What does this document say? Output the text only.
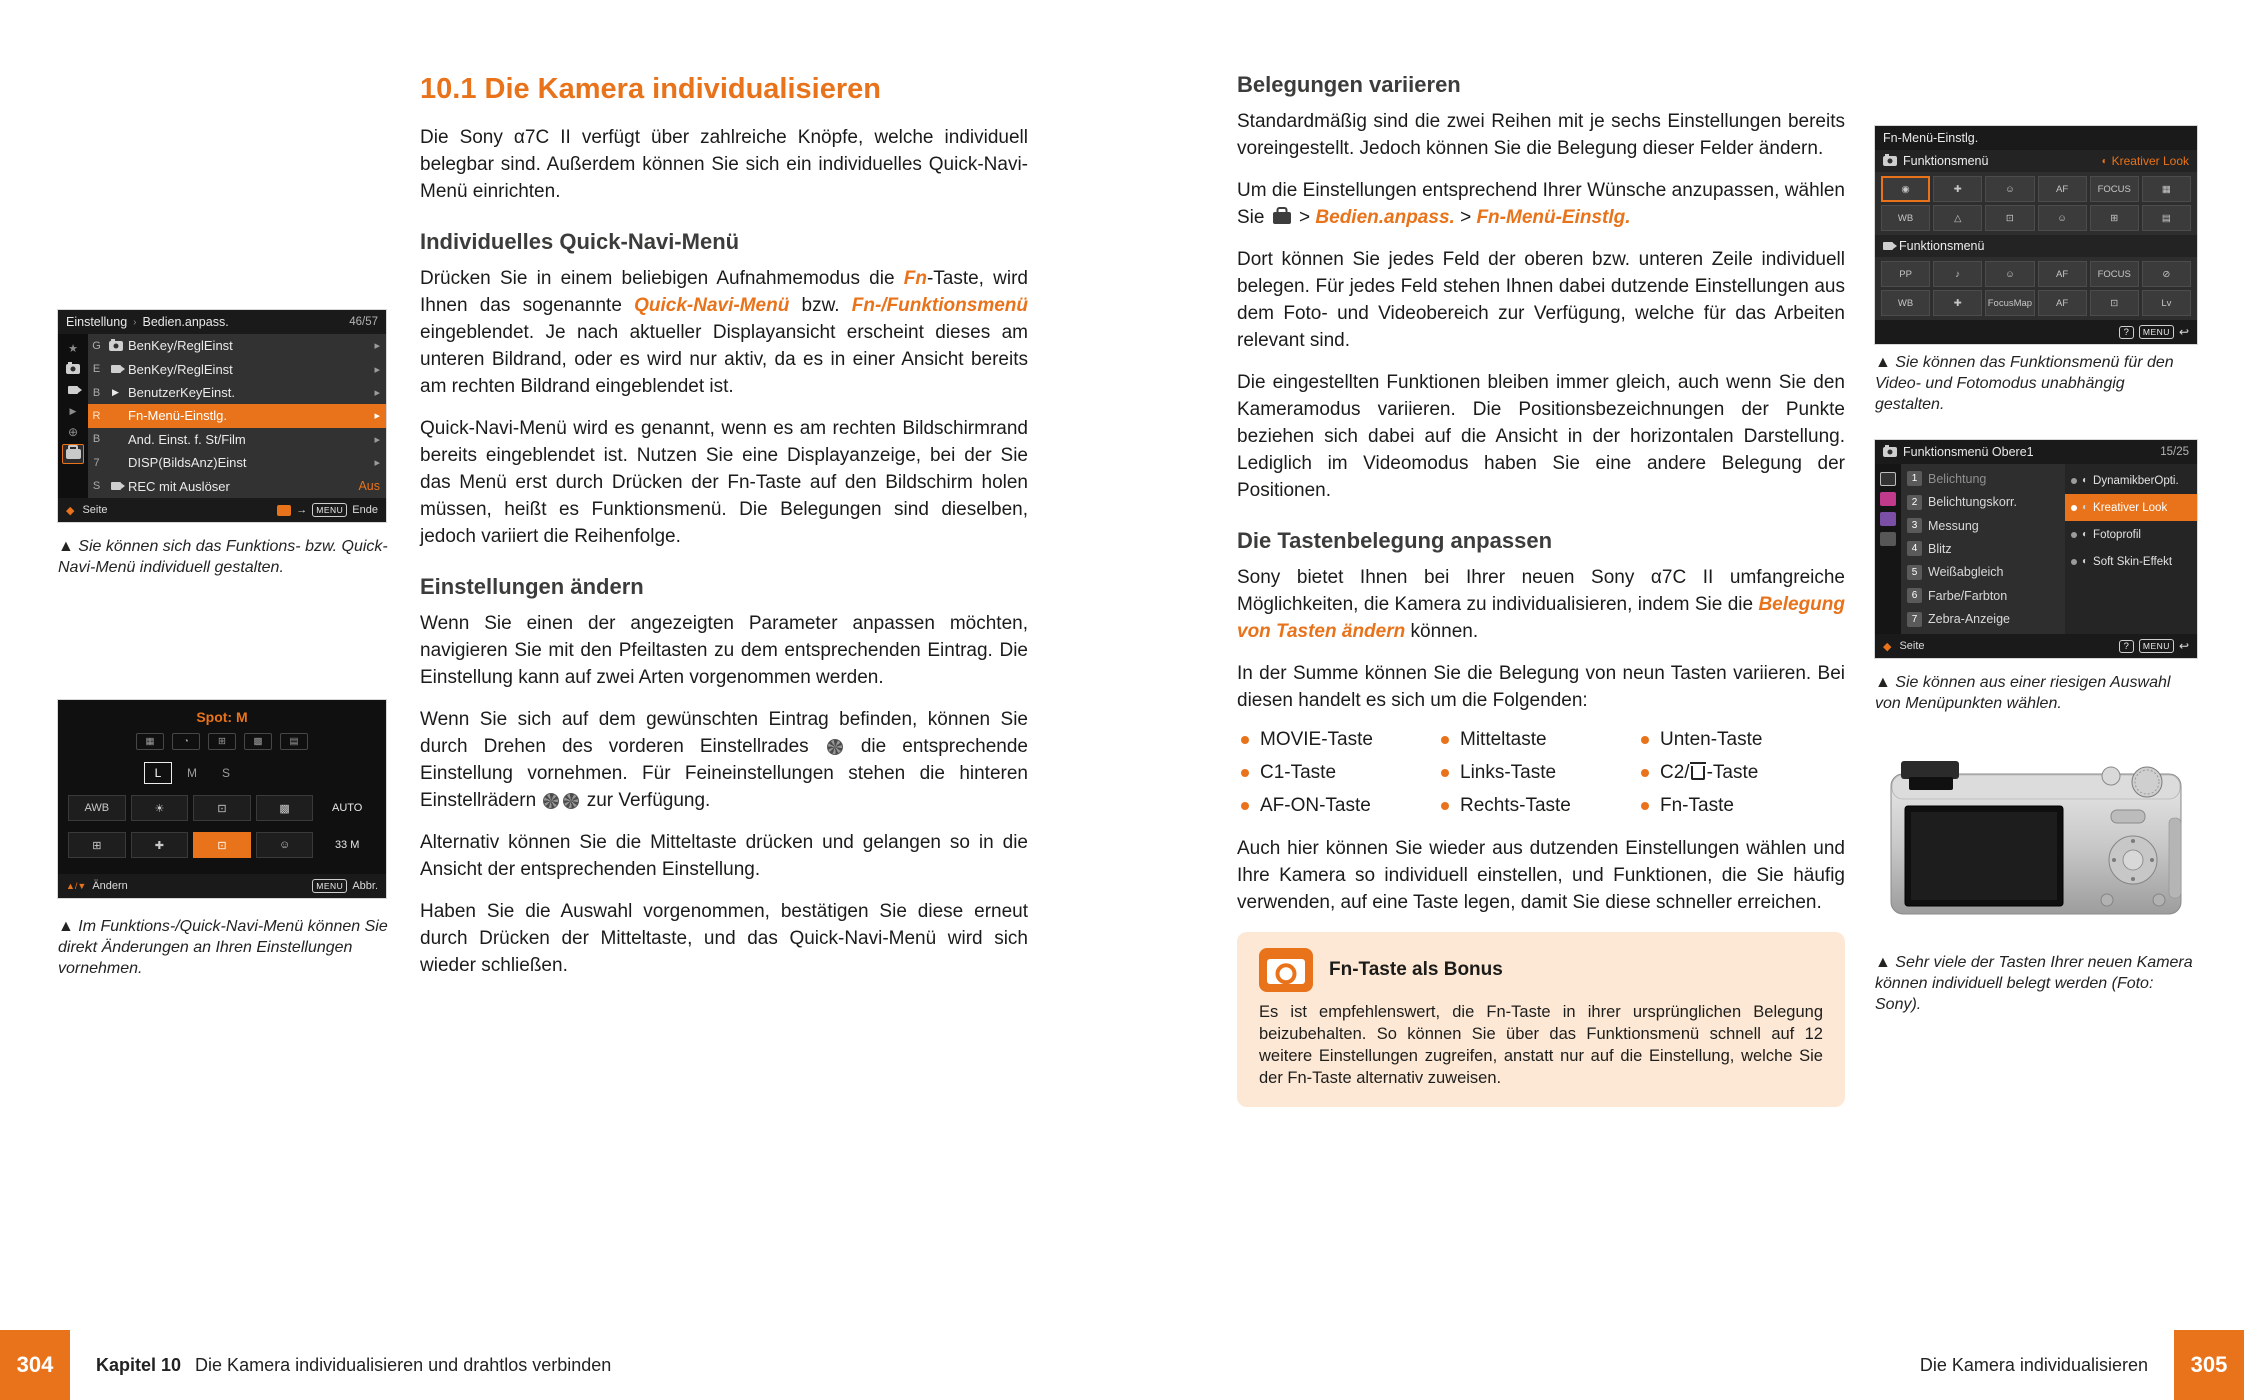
Einstellung › Bedien.anpass.	46/57
★
▶
⊕
G BenKey/ReglEinst	▸
E BenKey/ReglEinst	▸
B ▶ BenutzerKeyEinst.	▸
R Fn-Menü-Einstlg.	▸
B And. Einst. f. St/Film	▸
7 DISP(BildsAnz)Einst	▸
S REC mit Auslöser	Aus
◆
Seite →	MENU Ende
▲ Sie können sich das Funktions- bzw. Quick-Navi-Menü individuell gestalten.
Spot: M
▦	◔	⊞	▩	▤
L	M	S
AWB	☀	⊡	▩	AUTO
⊞	✚	⊡	☺	33 M
▲/▼ Ändern	MENU Abbr.
▲ Im Funktions-/Quick-Navi-Menü können Sie direkt Änderungen an Ihren Einstellungen vornehmen.
10.1 Die Kamera individualisieren

Die Sony α7C II verfügt über zahlreiche Knöpfe, welche individuell belegbar sind. Außerdem können Sie sich ein individuelles Quick-Navi-Menü einrichten.

Individuelles Quick-Navi-Menü

Drücken Sie in einem beliebigen Aufnahmemodus die Fn-Taste, wird Ihnen das sogenannte Quick-Navi-Menü bzw. Fn-/Funktionsmenü eingeblendet. Je nach aktueller Displayansicht erscheint dieses am unteren Bildrand, oder es wird nur aktiv, da es in einer Ansicht bereits am rechten Bildrand eingeblendet ist.

Quick-Navi-Menü wird es genannt, wenn es am rechten Bildschirmrand bereits eingeblendet ist. Nutzen Sie eine Displayanzeige, bei der Sie das Menü erst durch Drücken der Fn-Taste auf den Bildschirm holen müssen, heißt es Funktionsmenü. Die Belegungen sind dieselben, jedoch variiert die Reihenfolge.

Einstellungen ändern

Wenn Sie einen der angezeigten Parameter anpassen möchten, navigieren Sie mit den Pfeiltasten zu dem entsprechenden Eintrag. Die Einstellung kann auf zwei Arten vorgenommen werden.

Wenn Sie sich auf dem gewünschten Eintrag befinden, können Sie durch Drehen des vorderen Einstellrades  die entsprechende Einstellung vornehmen. Für Feineinstellungen stehen die hinteren Einstellrädern  zur Verfügung.

Alternativ können Sie die Mitteltaste drücken und gelangen so in die Ansicht der entsprechenden Einstellung.

Haben Sie die Auswahl vorgenommen, bestätigen Sie diese erneut durch Drücken der Mitteltaste, und das Quick-Navi-Menü wird sich wieder schließen.

304	Kapitel 10 Die Kamera individualisieren und drahtlos verbinden
Belegungen variieren

Standardmäßig sind die zwei Reihen mit je sechs Einstellungen bereits voreingestellt. Jedoch können Sie die Belegung dieser Felder ändern.

Um die Einstellungen entsprechend Ihrer Wünsche anzupassen, wählen Sie  > Bedien.anpass. > Fn-Menü-Einstlg.

Dort können Sie jedes Feld der oberen bzw. unteren Zeile individuell belegen. Für jedes Feld stehen Ihnen dabei dutzende Einstellungen aus dem Foto- und Videobereich zur Verfügung, welche für das Arbeiten relevant sind.

Die eingestellten Funktionen bleiben immer gleich, auch wenn Sie den Kameramodus variieren. Die Positionsbezeichnungen der Punkte beziehen sich dabei auf die Ansicht in der horizontalen Darstellung. Lediglich im Videomodus haben Sie eine andere Belegung der Positionen.

Die Tastenbelegung anpassen

Sony bietet Ihnen bei Ihrer neuen Sony α7C II umfangreiche Möglichkeiten, die Kamera zu individualisieren, indem Sie die Belegung von Tasten ändern können.

In der Summe können Sie die Belegung von neun Tasten variieren. Bei diesen handelt es sich um die Folgenden:

MOVIE-Taste	Mitteltaste	Unten-Taste
C1-Taste	Links-Taste	C2/ -Taste
AF-ON-Taste	Rechts-Taste	Fn-Taste

Auch hier können Sie wieder aus dutzenden Einstellungen wählen und Ihre Kamera so individuell einstellen, und Funktionen, die Sie häufig verwenden, auf eine Taste legen, damit Sie diese schneller erreichen.

Fn-Taste als Bonus
Es ist empfehlenswert, die Fn-Taste in ihrer ursprünglichen Belegung beizubehalten. So können Sie über das Funktionsmenü schnell auf 12 weitere Einstellungen zugreifen, anstatt nur auf die Einstellung, welche Sie der Fn-Taste alternativ zuweisen.
Fn-Menü-Einstlg.
Funktionsmenü	◐ Kreativer Look
◉	✚	☺	AF	FOCUS	▦
WB	△	⊡	☺	⊞	▤
Funktionsmenü
PP	♪	☺	AF	FOCUS	⊘
WB	✚	FocusMap	AF	⊡	Lv
?	MENU ↩
▲ Sie können das Funktionsmenü für den Video- und Fotomodus unabhängig gestalten.
Funktionsmenü Obere1	15/25
1 Belichtung
2 Belichtungskorr.
3 Messung
4 Blitz
5 Weißabgleich
6 Farbe/Farbton
7 Zebra-Anzeige
◐ DynamikberOpti.
◐ Kreativer Look
◐ Fotoprofil
◐ Soft Skin-Effekt
◆
Seite	?	MENU ↩
▲ Sie können aus einer riesigen Auswahl von Menüpunkten wählen.
▲ Sehr viele der Tasten Ihrer neuen Kamera können individuell belegt werden (Foto: Sony).
305
Die Kamera individualisieren
